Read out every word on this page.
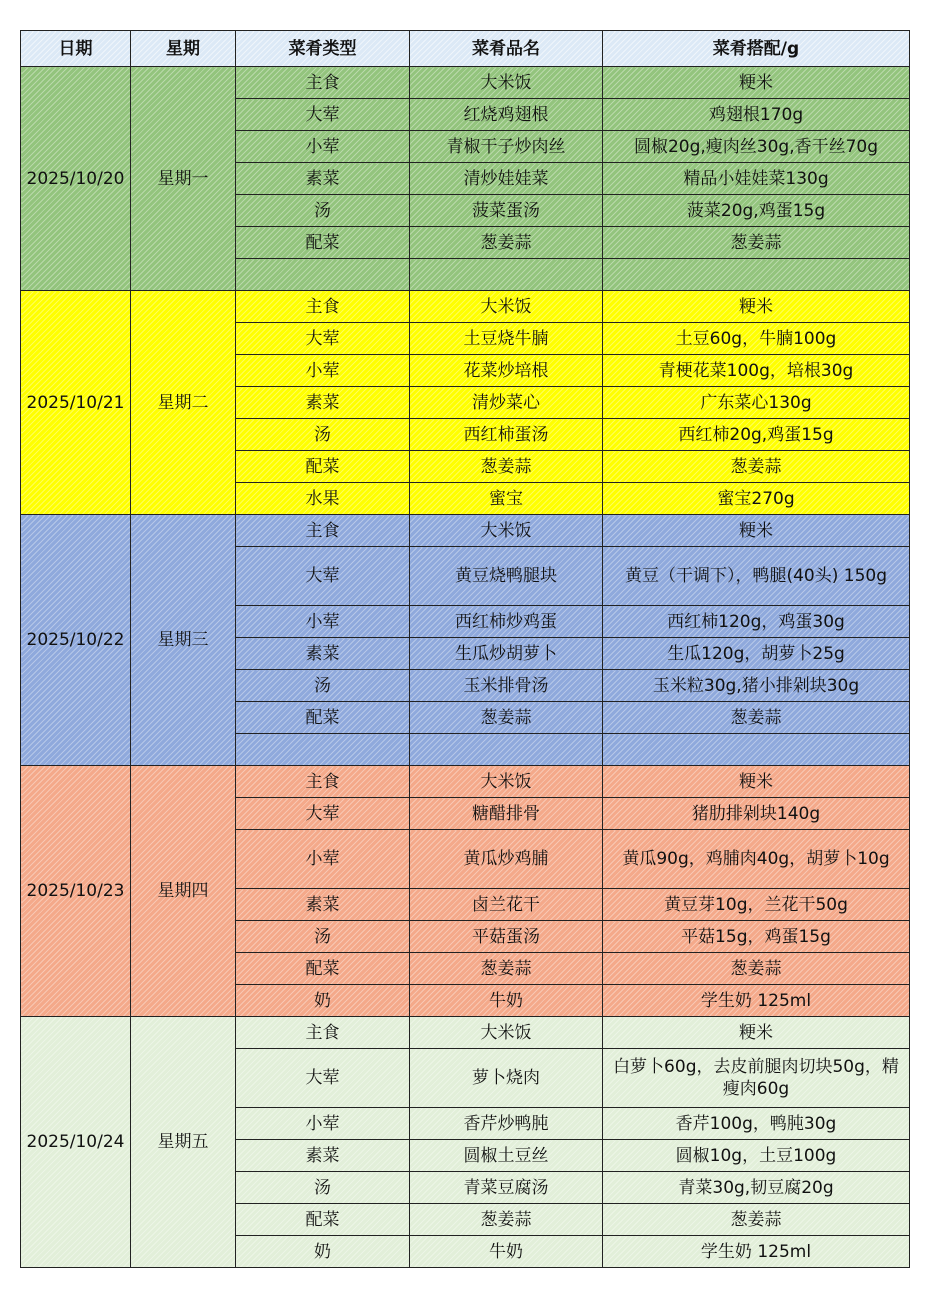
日期	星期	菜肴类型	菜肴品名	菜肴搭配/g
2025/10/20	星期一	主食	大米饭	粳米
		大荤	红烧鸡翅根	鸡翅根170g
		小荤	青椒干子炒肉丝	圆椒20g,瘦肉丝30g,香干丝70g
		素菜	清炒娃娃菜	精品小娃娃菜130g
		汤	菠菜蛋汤	菠菜20g,鸡蛋15g
		配菜	葱姜蒜	葱姜蒜

2025/10/21	星期二	主食	大米饭	粳米
		大荤	土豆烧牛腩	土豆60g，牛腩100g
		小荤	花菜炒培根	青梗花菜100g，培根30g
		素菜	清炒菜心	广东菜心130g
		汤	西红柿蛋汤	西红柿20g,鸡蛋15g
		配菜	葱姜蒜	葱姜蒜
		水果	蜜宝	蜜宝270g
2025/10/22	星期三	主食	大米饭	粳米
		大荤	黄豆烧鸭腿块	黄豆（干调下），鸭腿(40头) 150g
		小荤	西红柿炒鸡蛋	西红柿120g，鸡蛋30g
		素菜	生瓜炒胡萝卜	生瓜120g，胡萝卜25g
		汤	玉米排骨汤	玉米粒30g,猪小排剁块30g
		配菜	葱姜蒜	葱姜蒜

2025/10/23	星期四	主食	大米饭	粳米
		大荤	糖醋排骨	猪肋排剁块140g
		小荤	黄瓜炒鸡脯	黄瓜90g，鸡脯肉40g，胡萝卜10g
		素菜	卤兰花干	黄豆芽10g，兰花干50g
		汤	平菇蛋汤	平菇15g，鸡蛋15g
		配菜	葱姜蒜	葱姜蒜
		奶	牛奶	学生奶 125ml
2025/10/24	星期五	主食	大米饭	粳米
		大荤	萝卜烧肉	白萝卜60g，去皮前腿肉切块50g，精瘦肉60g
		小荤	香芹炒鸭肫	香芹100g，鸭肫30g
		素菜	圆椒土豆丝	圆椒10g，土豆100g
		汤	青菜豆腐汤	青菜30g,韧豆腐20g
		配菜	葱姜蒜	葱姜蒜
		奶	牛奶	学生奶 125ml
